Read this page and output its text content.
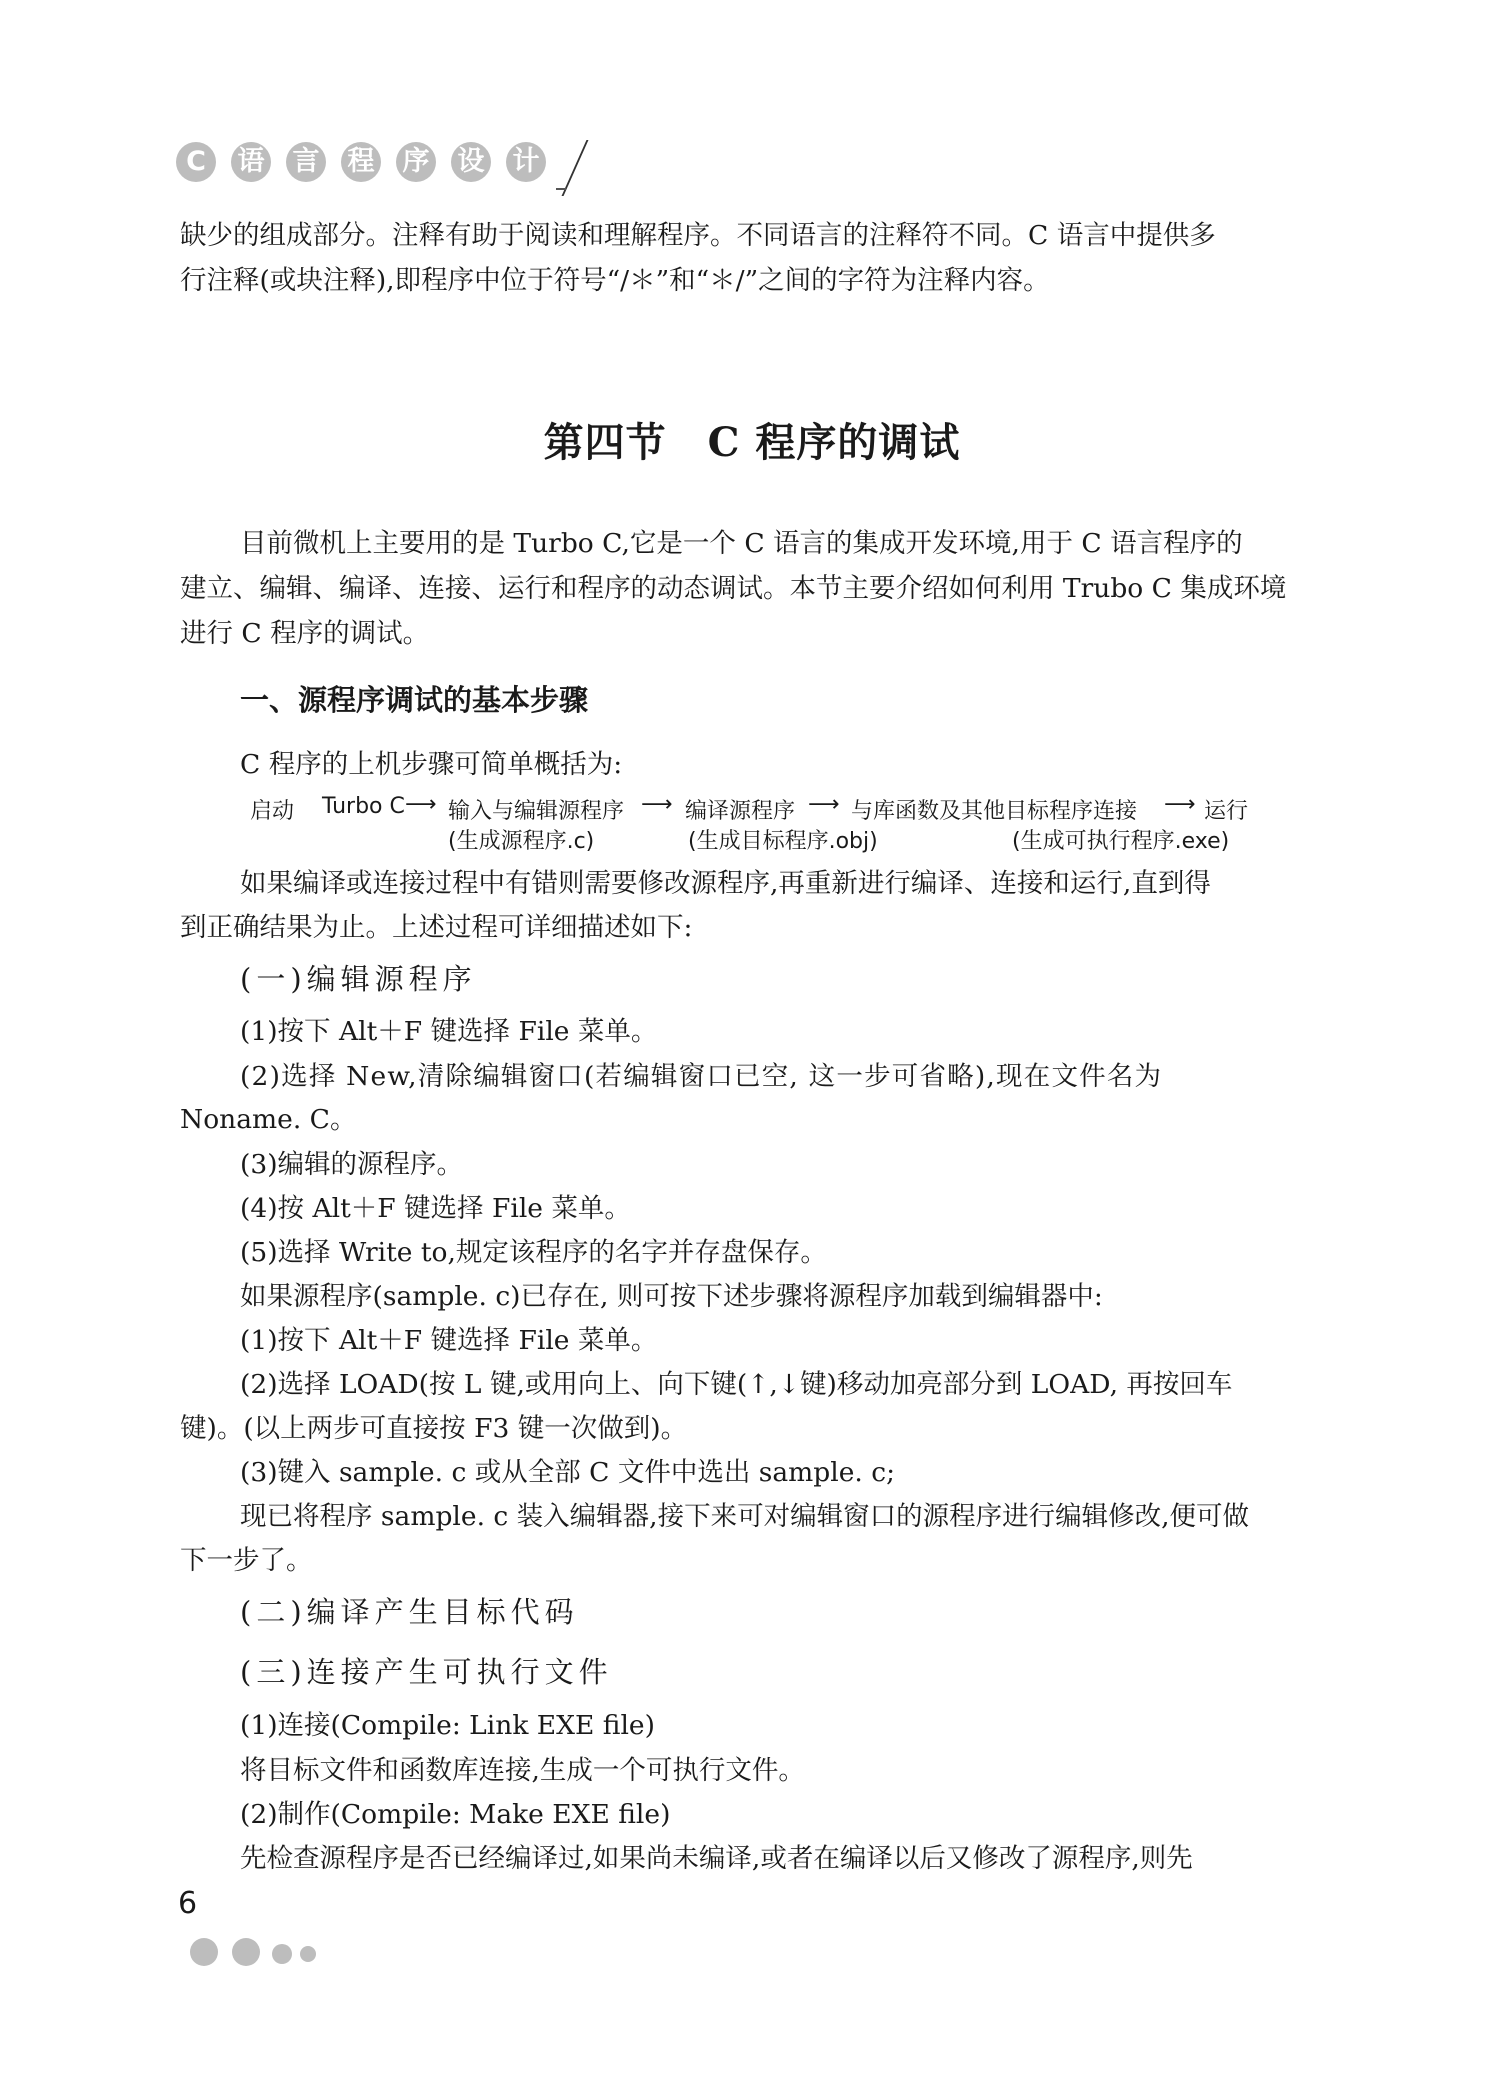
C	语 言 程 序 设 计
缺少的组成部分。注释有助于阅读和理解程序。不同语言的注释符不同。C 语言中提供多
行注释(或块注释),即程序中位于符号“/＊”和“＊/”之间的字符为注释内容。
第四节　C 程序的调试
目前微机上主要用的是 Turbo C,它是一个 C 语言的集成开发环境,用于 C 语言程序的
建立、编辑、编译、连接、运行和程序的动态调试。本节主要介绍如何利用 Trubo C 集成环境
进行 C 程序的调试。
一、源程序调试的基本步骤
C 程序的上机步骤可简单概括为:
启动 Turbo C ⟶ 输入与编辑源程序 ⟶ 编译源程序 ⟶ 与库函数及其他目标程序连接 ⟶ 运行
(生成源程序.c)	(生成目标程序.obj)	(生成可执行程序.exe)
如果编译或连接过程中有错则需要修改源程序,再重新进行编译、连接和运行,直到得
到正确结果为止。上述过程可详细描述如下:
(一)编辑源程序
(1)按下 Alt＋F 键选择 File 菜单。
(2)选择 New,清除编辑窗口(若编辑窗口已空, 这一步可省略),现在文件名为
Noname. C。
(3)编辑的源程序。
(4)按 Alt＋F 键选择 File 菜单。
(5)选择 Write to,规定该程序的名字并存盘保存。
如果源程序(sample. c)已存在, 则可按下述步骤将源程序加载到编辑器中:
(1)按下 Alt＋F 键选择 File 菜单。
(2)选择 LOAD(按 L 键,或用向上、向下键(↑,↓键)移动加亮部分到 LOAD, 再按回车
键)。(以上两步可直接按 F3 键一次做到)。
(3)键入 sample. c 或从全部 C 文件中选出 sample. c;
现已将程序 sample. c 装入编辑器,接下来可对编辑窗口的源程序进行编辑修改,便可做
下一步了。
(二)编译产生目标代码
(三)连接产生可执行文件
(1)连接(Compile: Link EXE file)
将目标文件和函数库连接,生成一个可执行文件。
(2)制作(Compile: Make EXE file)
先检查源程序是否已经编译过,如果尚未编译,或者在编译以后又修改了源程序,则先
6
